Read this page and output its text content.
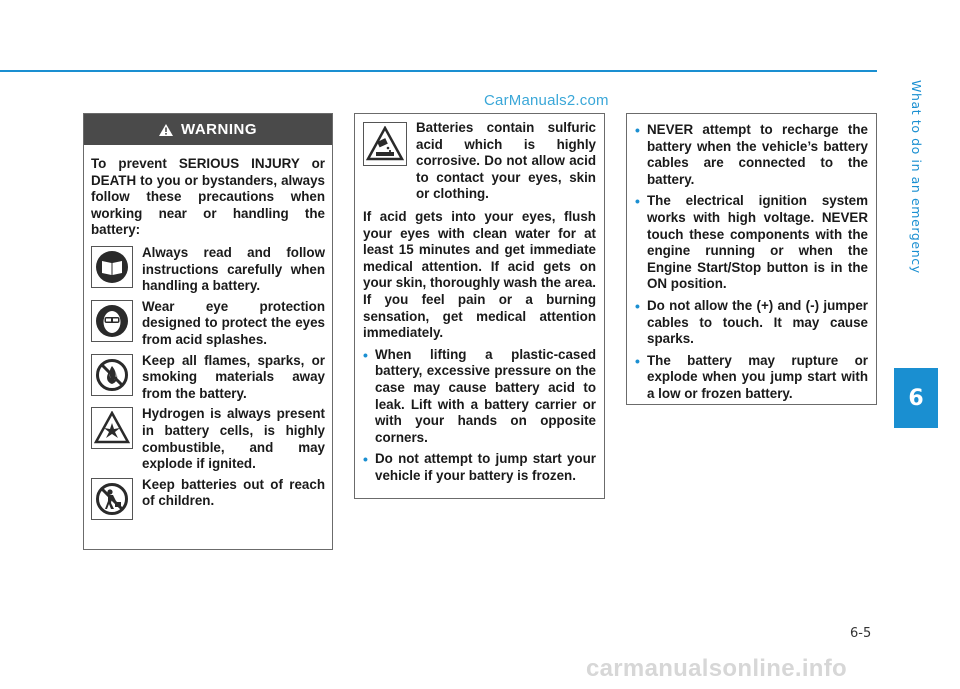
CarManuals2.com	What to do in an emergency
6
WARNING
To prevent SERIOUS INJURY or DEATH to you or bystanders, always follow these precautions when working near or handling the battery:
Always read and follow instructions carefully when handling a battery.
Wear eye protection designed to protect the eyes from acid splashes.
Keep all flames, sparks, or smoking materials away from the battery.
Hydrogen is always present in battery cells, is highly combustible, and may explode if ignited.
Keep batteries out of reach of children.
Batteries contain sulfuric acid which is highly corrosive. Do not allow acid to contact your eyes, skin or clothing.
If acid gets into your eyes, flush your eyes with clean water for at least 15 minutes and get immediate medical attention. If acid gets on your skin, thoroughly wash the area. If you feel pain or a burning sensation, get medical attention immediately.
• When lifting a plastic-cased battery, excessive pressure on the case may cause battery acid to leak. Lift with a battery carrier or with your hands on opposite corners.
• Do not attempt to jump start your vehicle if your battery is frozen.
• NEVER attempt to recharge the battery when the vehicle’s battery cables are connected to the battery.
• The electrical ignition system works with high voltage. NEVER touch these components with the engine running or when the Engine Start/Stop button is in the ON position.
• Do not allow the (+) and (-) jumper cables to touch. It may cause sparks.
• The battery may rupture or explode when you jump start with a low or frozen battery.
6-5
carmanualsonline.info
